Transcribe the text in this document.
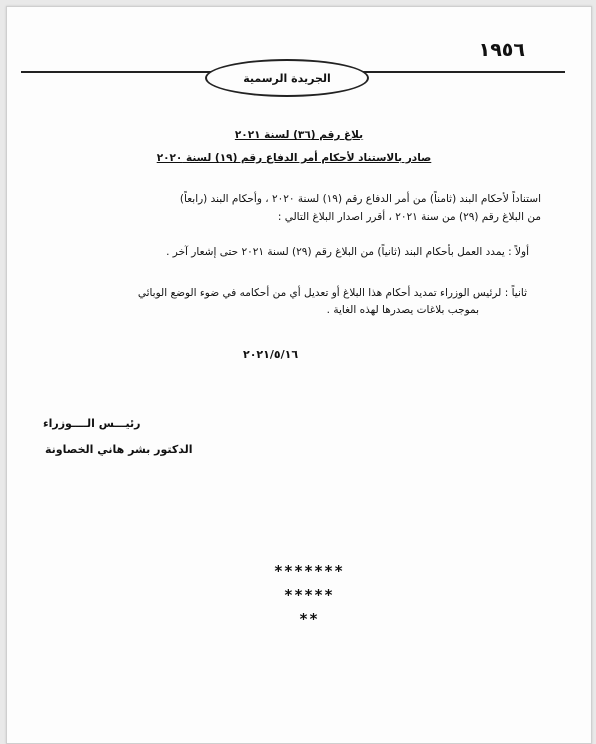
١٩٥٦
الجريدة الرسمية
بلاغ رقم (٣٦) لسنة ٢٠٢١
صادر بالاستناد لأحكام أمر الدفاع رقم (١٩) لسنة ٢٠٢٠
استناداً لأحكام البند (ثامناً) من أمر الدفاع رقم (١٩) لسنة ٢٠٢٠ ، وأحكام البند (رابعاً)
من البلاغ رقم (٢٩) من سنة ٢٠٢١ ، أقرر اصدار البلاغ التالي :
أولاً : يمدد العمل بأحكام البند (ثانياً) من البلاغ رقم (٢٩) لسنة ٢٠٢١ حتى إشعار آخر .
ثانياً : لرئيس الوزراء تمديد أحكام هذا البلاغ أو تعديل أي من أحكامه في ضوء الوضع الوبائي
بموجب بلاغات يصدرها لهذه الغاية .
٢٠٢١/٥/١٦
رئيـــس الــــوزراء
الدكتور بشر هاني الخصاونة
*******
*****
**
